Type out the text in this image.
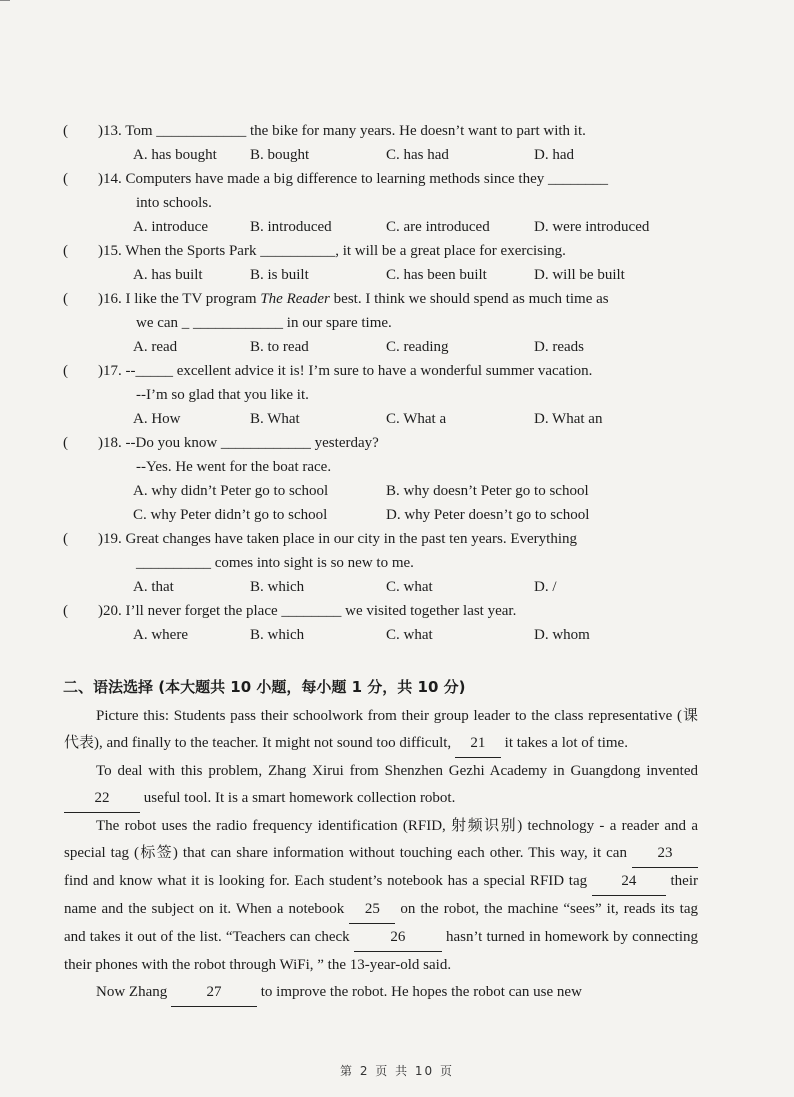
( )13. Tom ____________ the bike for many years. He doesn’t want to part with it.
A. has bought B. bought	C. has had	D. had
( )14. Computers have made a big difference to learning methods since they ________
into schools.
A. introduce	B. introduced	C. are introduced	D. were introduced
( )15. When the Sports Park __________, it will be a great place for exercising.
A. has built	B. is built	C. has been built	D. will be built
( )16. I like the TV program The Reader best. I think we should spend as much time as
we can _ ____________ in our spare time.
A. read	B. to read	C. reading	D. reads
( )17. --_____ excellent advice it is! I’m sure to have a wonderful summer vacation.
--I’m so glad that you like it.
A. How	B. What	C. What a	D. What an
( )18. --Do you know ____________ yesterday?
--Yes. He went for the boat race.
A. why didn’t Peter go to school	B. why doesn’t Peter go to school
C. why Peter didn’t go to school	D. why Peter doesn’t go to school
( )19. Great changes have taken place in our city in the past ten years. Everything
__________ comes into sight is so new to me.
A. that	B. which	C. what	D. /
( )20. I’ll never forget the place ________ we visited together last year.
A. where	B. which	C. what	D. whom
二、语法选择 (本大题共 10 小题，每小题 1 分，共 10 分)

Picture this: Students pass their schoolwork from their group leader to the class representative (课代表), and finally to the teacher. It might not sound too difficult, 21 it takes a lot of time.

To deal with this problem, Zhang Xirui from Shenzhen Gezhi Academy in Guangdong invented 22 useful tool. It is a smart homework collection robot.

The robot uses the radio frequency identification (RFID, 射频识别) technology - a reader and a special tag (标签) that can share information without touching each other. This way, it can 23 find and know what it is looking for. Each student’s notebook has a special RFID tag 24 their name and the subject on it. When a notebook 25 on the robot, the machine “sees” it, reads its tag and takes it out of the list. “Teachers can check 26 hasn’t turned in homework by connecting their phones with the robot through WiFi, ” the 13-year-old said.

Now Zhang 27 to improve the robot. He hopes the robot can use new

第 2 页 共 10 页
